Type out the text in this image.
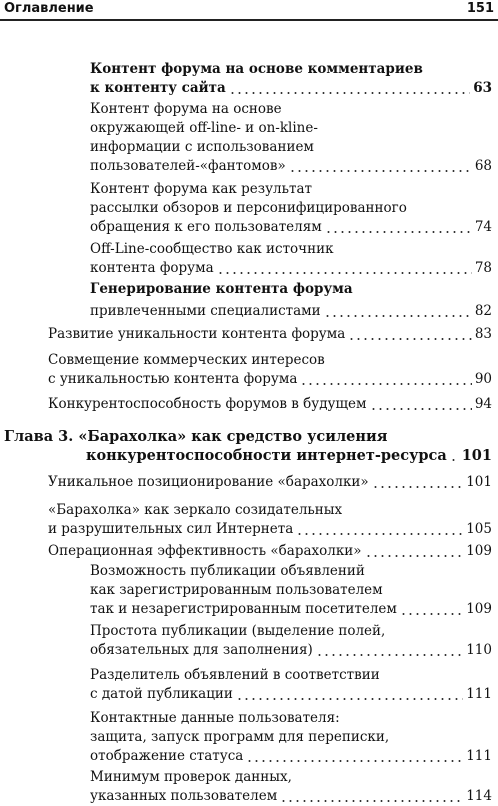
Оглавление	151
Контент форума на основе комментариев
к контенту сайта	63
Контент форума на основе
окружающей off-line- и on-kline-
информации с использованием
пользователей-«фантомов»	68
Контент форума как результат
рассылки обзоров и персонифицированного
обращения к его пользователям	74
Off-Line-сообщество как источник
контента форума	78
Генерирование контента форума
привлеченными специалистами	82
Развитие уникальности контента форума	83
Совмещение коммерческих интересов
с уникальностью контента форума	90
Конкурентоспособность форумов в будущем	94
Глава 3. «Барахолка» как средство усиления
конкурентоспособности интернет-ресурса 101
Уникальное позиционирование «барахолки»	101
«Барахолка» как зеркало созидательных
и разрушительных сил Интернета	105
Операционная эффективность «барахолки»	109
Возможность публикации объявлений
как зарегистрированным пользователем
так и незарегистрированным посетителем	109
Простота публикации (выделение полей,
обязательных для заполнения)	110
Разделитель объявлений в соответствии
с датой публикации	111
Контактные данные пользователя:
защита, запуск программ для переписки,
отображение статуса	111
Минимум проверок данных,
указанных пользователем	114
